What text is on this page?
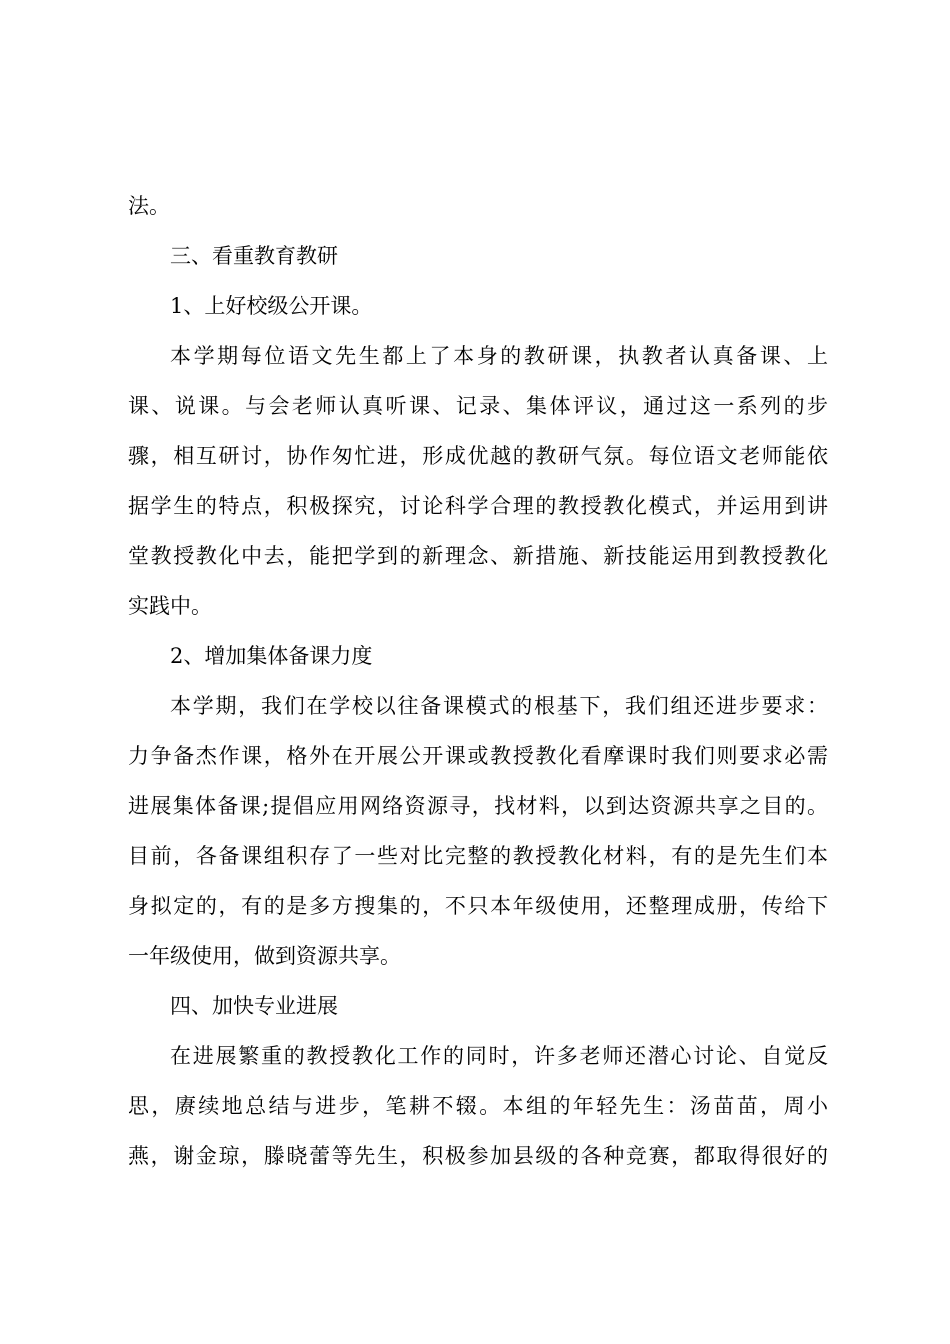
法。
三、看重教育教研
1、上好校级公开课。
本学期每位语文先生都上了本身的教研课，执教者认真备课、上
课、说课。与会老师认真听课、记录、集体评议，通过这一系列的步
骤，相互研讨，协作匆忙进，形成优越的教研气氛。每位语文老师能依
据学生的特点，积极探究，讨论科学合理的教授教化模式，并运用到讲
堂教授教化中去，能把学到的新理念、新措施、新技能运用到教授教化
实践中。
2、增加集体备课力度
本学期，我们在学校以往备课模式的根基下，我们组还进步要求：
力争备杰作课，格外在开展公开课或教授教化看摩课时我们则要求必需
进展集体备课;提倡应用网络资源寻，找材料，以到达资源共享之目的。
目前，各备课组积存了一些对比完整的教授教化材料，有的是先生们本
身拟定的，有的是多方搜集的，不只本年级使用，还整理成册，传给下
一年级使用，做到资源共享。
四、加快专业进展
在进展繁重的教授教化工作的同时，许多老师还潜心讨论、自觉反
思，赓续地总结与进步，笔耕不辍。本组的年轻先生：汤苗苗，周小
燕，谢金琼，滕晓蕾等先生，积极参加县级的各种竞赛，都取得很好的
